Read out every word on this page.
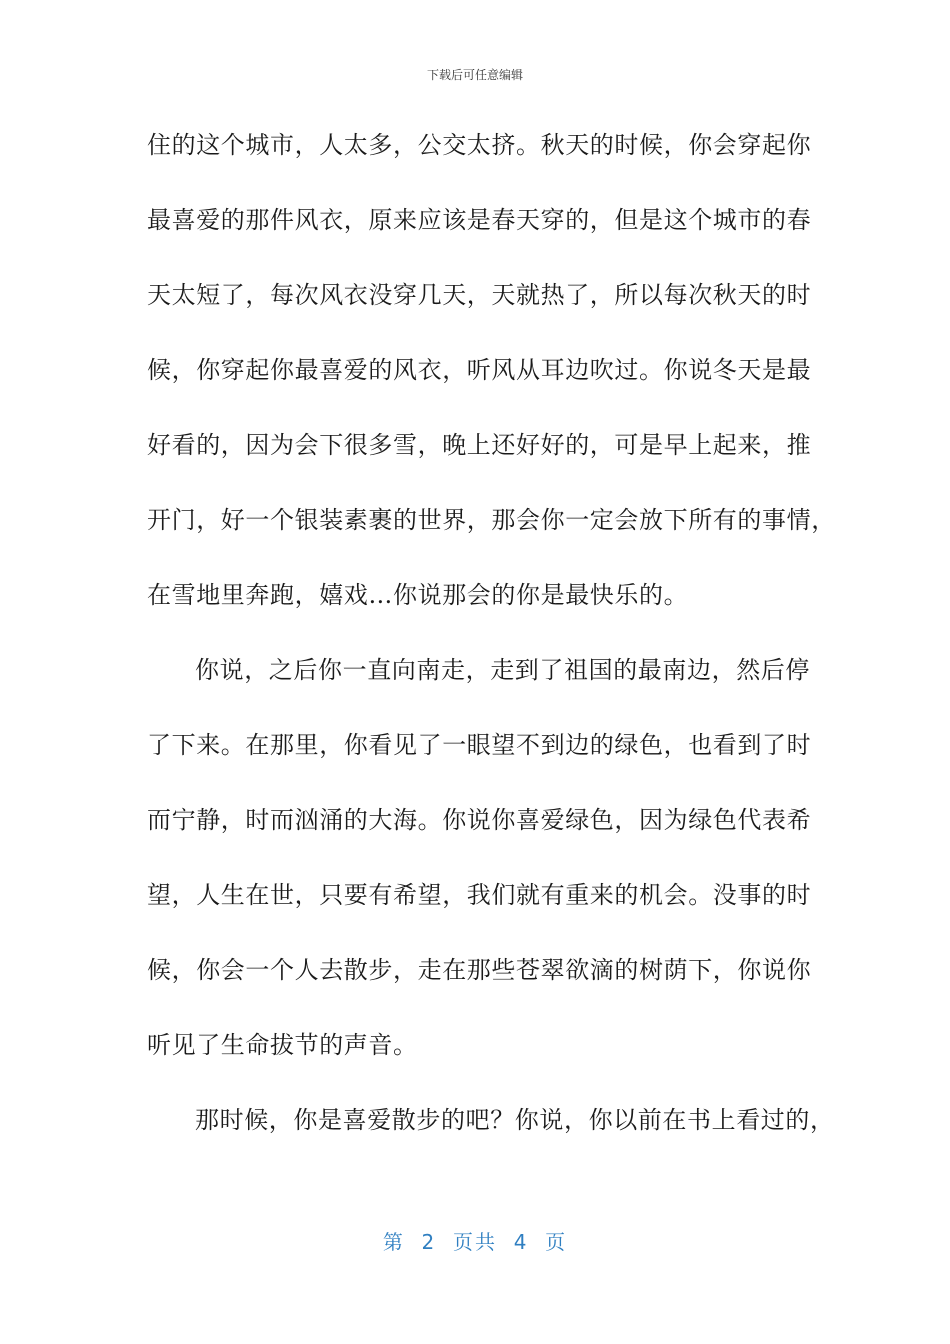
下载后可任意编辑
住的这个城市，人太多，公交太挤。秋天的时候，你会穿起你
最喜爱的那件风衣，原来应该是春天穿的，但是这个城市的春
天太短了，每次风衣没穿几天，天就热了，所以每次秋天的时
候，你穿起你最喜爱的风衣，听风从耳边吹过。你说冬天是最
好看的，因为会下很多雪，晚上还好好的，可是早上起来，推
开门，好一个银装素裹的世界，那会你一定会放下所有的事情，
在雪地里奔跑，嬉戏…你说那会的你是最快乐的。
你说，之后你一直向南走，走到了祖国的最南边，然后停
了下来。在那里，你看见了一眼望不到边的绿色，也看到了时
而宁静，时而汹涌的大海。你说你喜爱绿色，因为绿色代表希
望，人生在世，只要有希望，我们就有重来的机会。没事的时
候，你会一个人去散步，走在那些苍翠欲滴的树荫下，你说你
听见了生命拔节的声音。
那时候，你是喜爱散步的吧？你说，你以前在书上看过的，
第  2  页共  4  页
